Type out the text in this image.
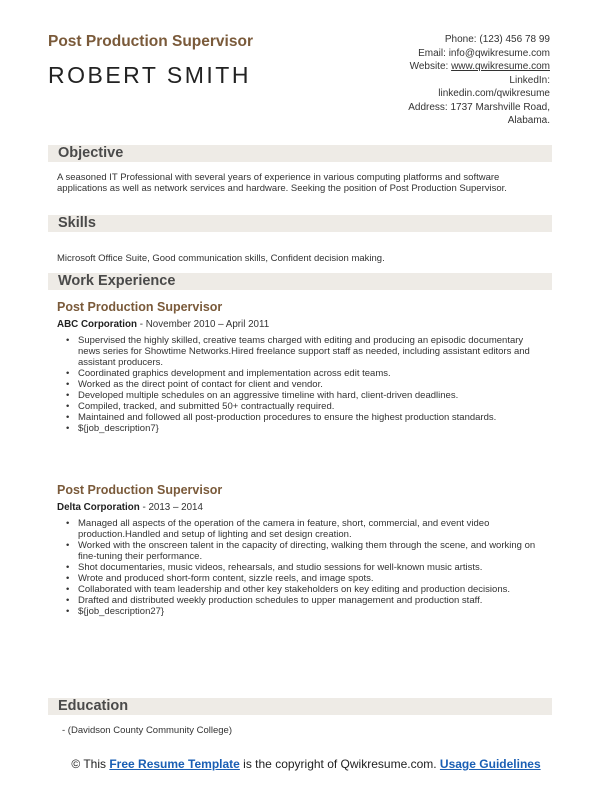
Post Production Supervisor
ROBERT SMITH
Phone: (123) 456 78 99
Email: info@qwikresume.com
Website: www.qwikresume.com
LinkedIn:
linkedin.com/qwikresume
Address: 1737 Marshville Road,
Alabama.
Objective
A seasoned IT Professional with several years of experience in various computing platforms and software applications as well as network services and hardware. Seeking the position of Post Production Supervisor.
Skills
Microsoft Office Suite, Good communication skills, Confident decision making.
Work Experience
Post Production Supervisor
ABC Corporation - November 2010 – April 2011
• Supervised the highly skilled, creative teams charged with editing and producing an episodic documentary news series for Showtime Networks.Hired freelance support staff as needed, including assistant editors and assistant producers.
• Coordinated graphics development and implementation across edit teams.
• Worked as the direct point of contact for client and vendor.
• Developed multiple schedules on an aggressive timeline with hard, client-driven deadlines.
• Compiled, tracked, and submitted 50+ contractually required.
• Maintained and followed all post-production procedures to ensure the highest production standards.
• ${job_description7}
Post Production Supervisor
Delta Corporation - 2013 – 2014
• Managed all aspects of the operation of the camera in feature, short, commercial, and event video production.Handled and setup of lighting and set design creation.
• Worked with the onscreen talent in the capacity of directing, walking them through the scene, and working on fine-tuning their performance.
• Shot documentaries, music videos, rehearsals, and studio sessions for well-known music artists.
• Wrote and produced short-form content, sizzle reels, and image spots.
• Collaborated with team leadership and other key stakeholders on key editing and production decisions.
• Drafted and distributed weekly production schedules to upper management and production staff.
• ${job_description27}
Education
- (Davidson County Community College)
© This Free Resume Template is the copyright of Qwikresume.com. Usage Guidelines
